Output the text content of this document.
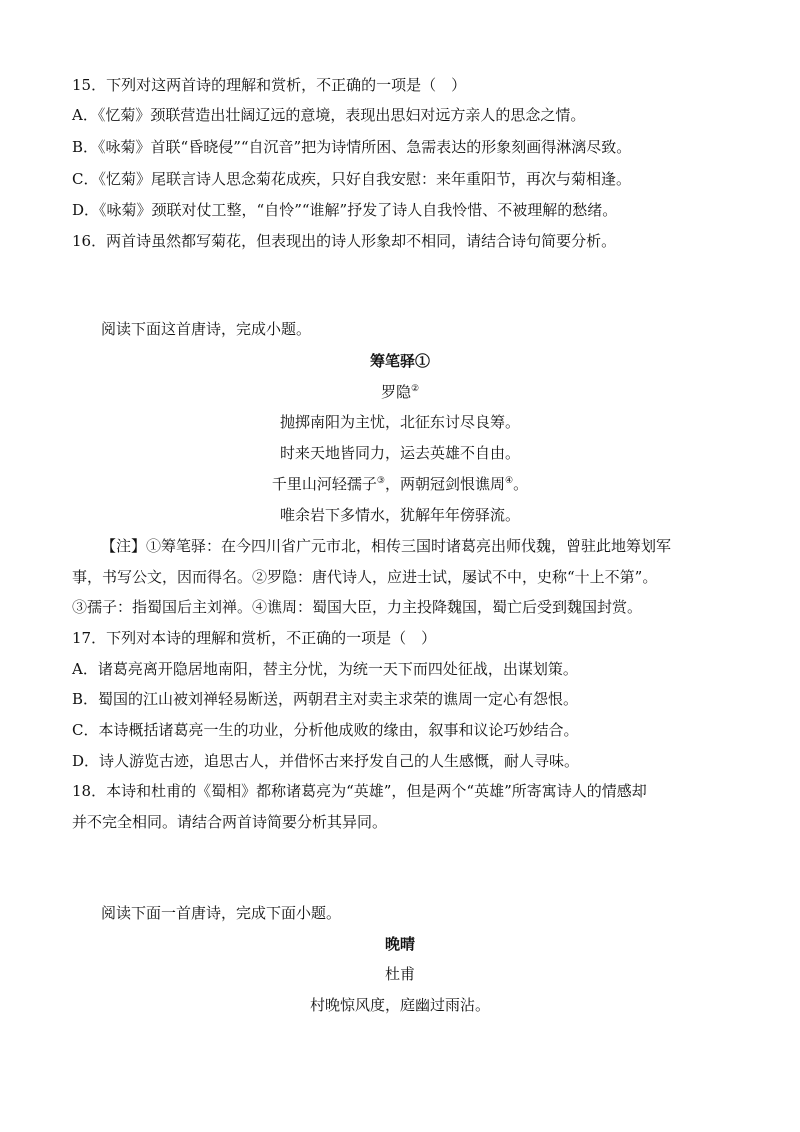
15．下列对这两首诗的理解和赏析，不正确的一项是（　）
A．《忆菊》颈联营造出壮阔辽远的意境，表现出思妇对远方亲人的思念之情。
B．《咏菊》首联“昏晓侵”“自沉音”把为诗情所困、急需表达的形象刻画得淋漓尽致。
C．《忆菊》尾联言诗人思念菊花成疾，只好自我安慰：来年重阳节，再次与菊相逢。
D．《咏菊》颈联对仗工整，“自怜”“谁解”抒发了诗人自我怜惜、不被理解的愁绪。
16．两首诗虽然都写菊花，但表现出的诗人形象却不相同，请结合诗句简要分析。
阅读下面这首唐诗，完成小题。
筹笔驿①
罗隐②
抛掷南阳为主忧，北征东讨尽良筹。
时来天地皆同力，运去英雄不自由。
千里山河轻孺子③，两朝冠剑恨谯周④。
唯余岩下多情水，犹解年年傍驿流。
【注】①筹笔驿：在今四川省广元市北，相传三国时诸葛亮出师伐魏，曾驻此地筹划军
事，书写公文，因而得名。②罗隐：唐代诗人，应进士试，屡试不中，史称“十上不第”。
③孺子：指蜀国后主刘禅。④谯周：蜀国大臣，力主投降魏国，蜀亡后受到魏国封赏。
17．下列对本诗的理解和赏析，不正确的一项是（　）
A．诸葛亮离开隐居地南阳，替主分忧，为统一天下而四处征战，出谋划策。
B．蜀国的江山被刘禅轻易断送，两朝君主对卖主求荣的谯周一定心有怨恨。
C．本诗概括诸葛亮一生的功业，分析他成败的缘由，叙事和议论巧妙结合。
D．诗人游览古迹，追思古人，并借怀古来抒发自己的人生感慨，耐人寻味。
18．本诗和杜甫的《蜀相》都称诸葛亮为“英雄”，但是两个“英雄”所寄寓诗人的情感却
并不完全相同。请结合两首诗简要分析其异同。
阅读下面一首唐诗，完成下面小题。
晚晴
杜甫
村晚惊风度，庭幽过雨沾。
